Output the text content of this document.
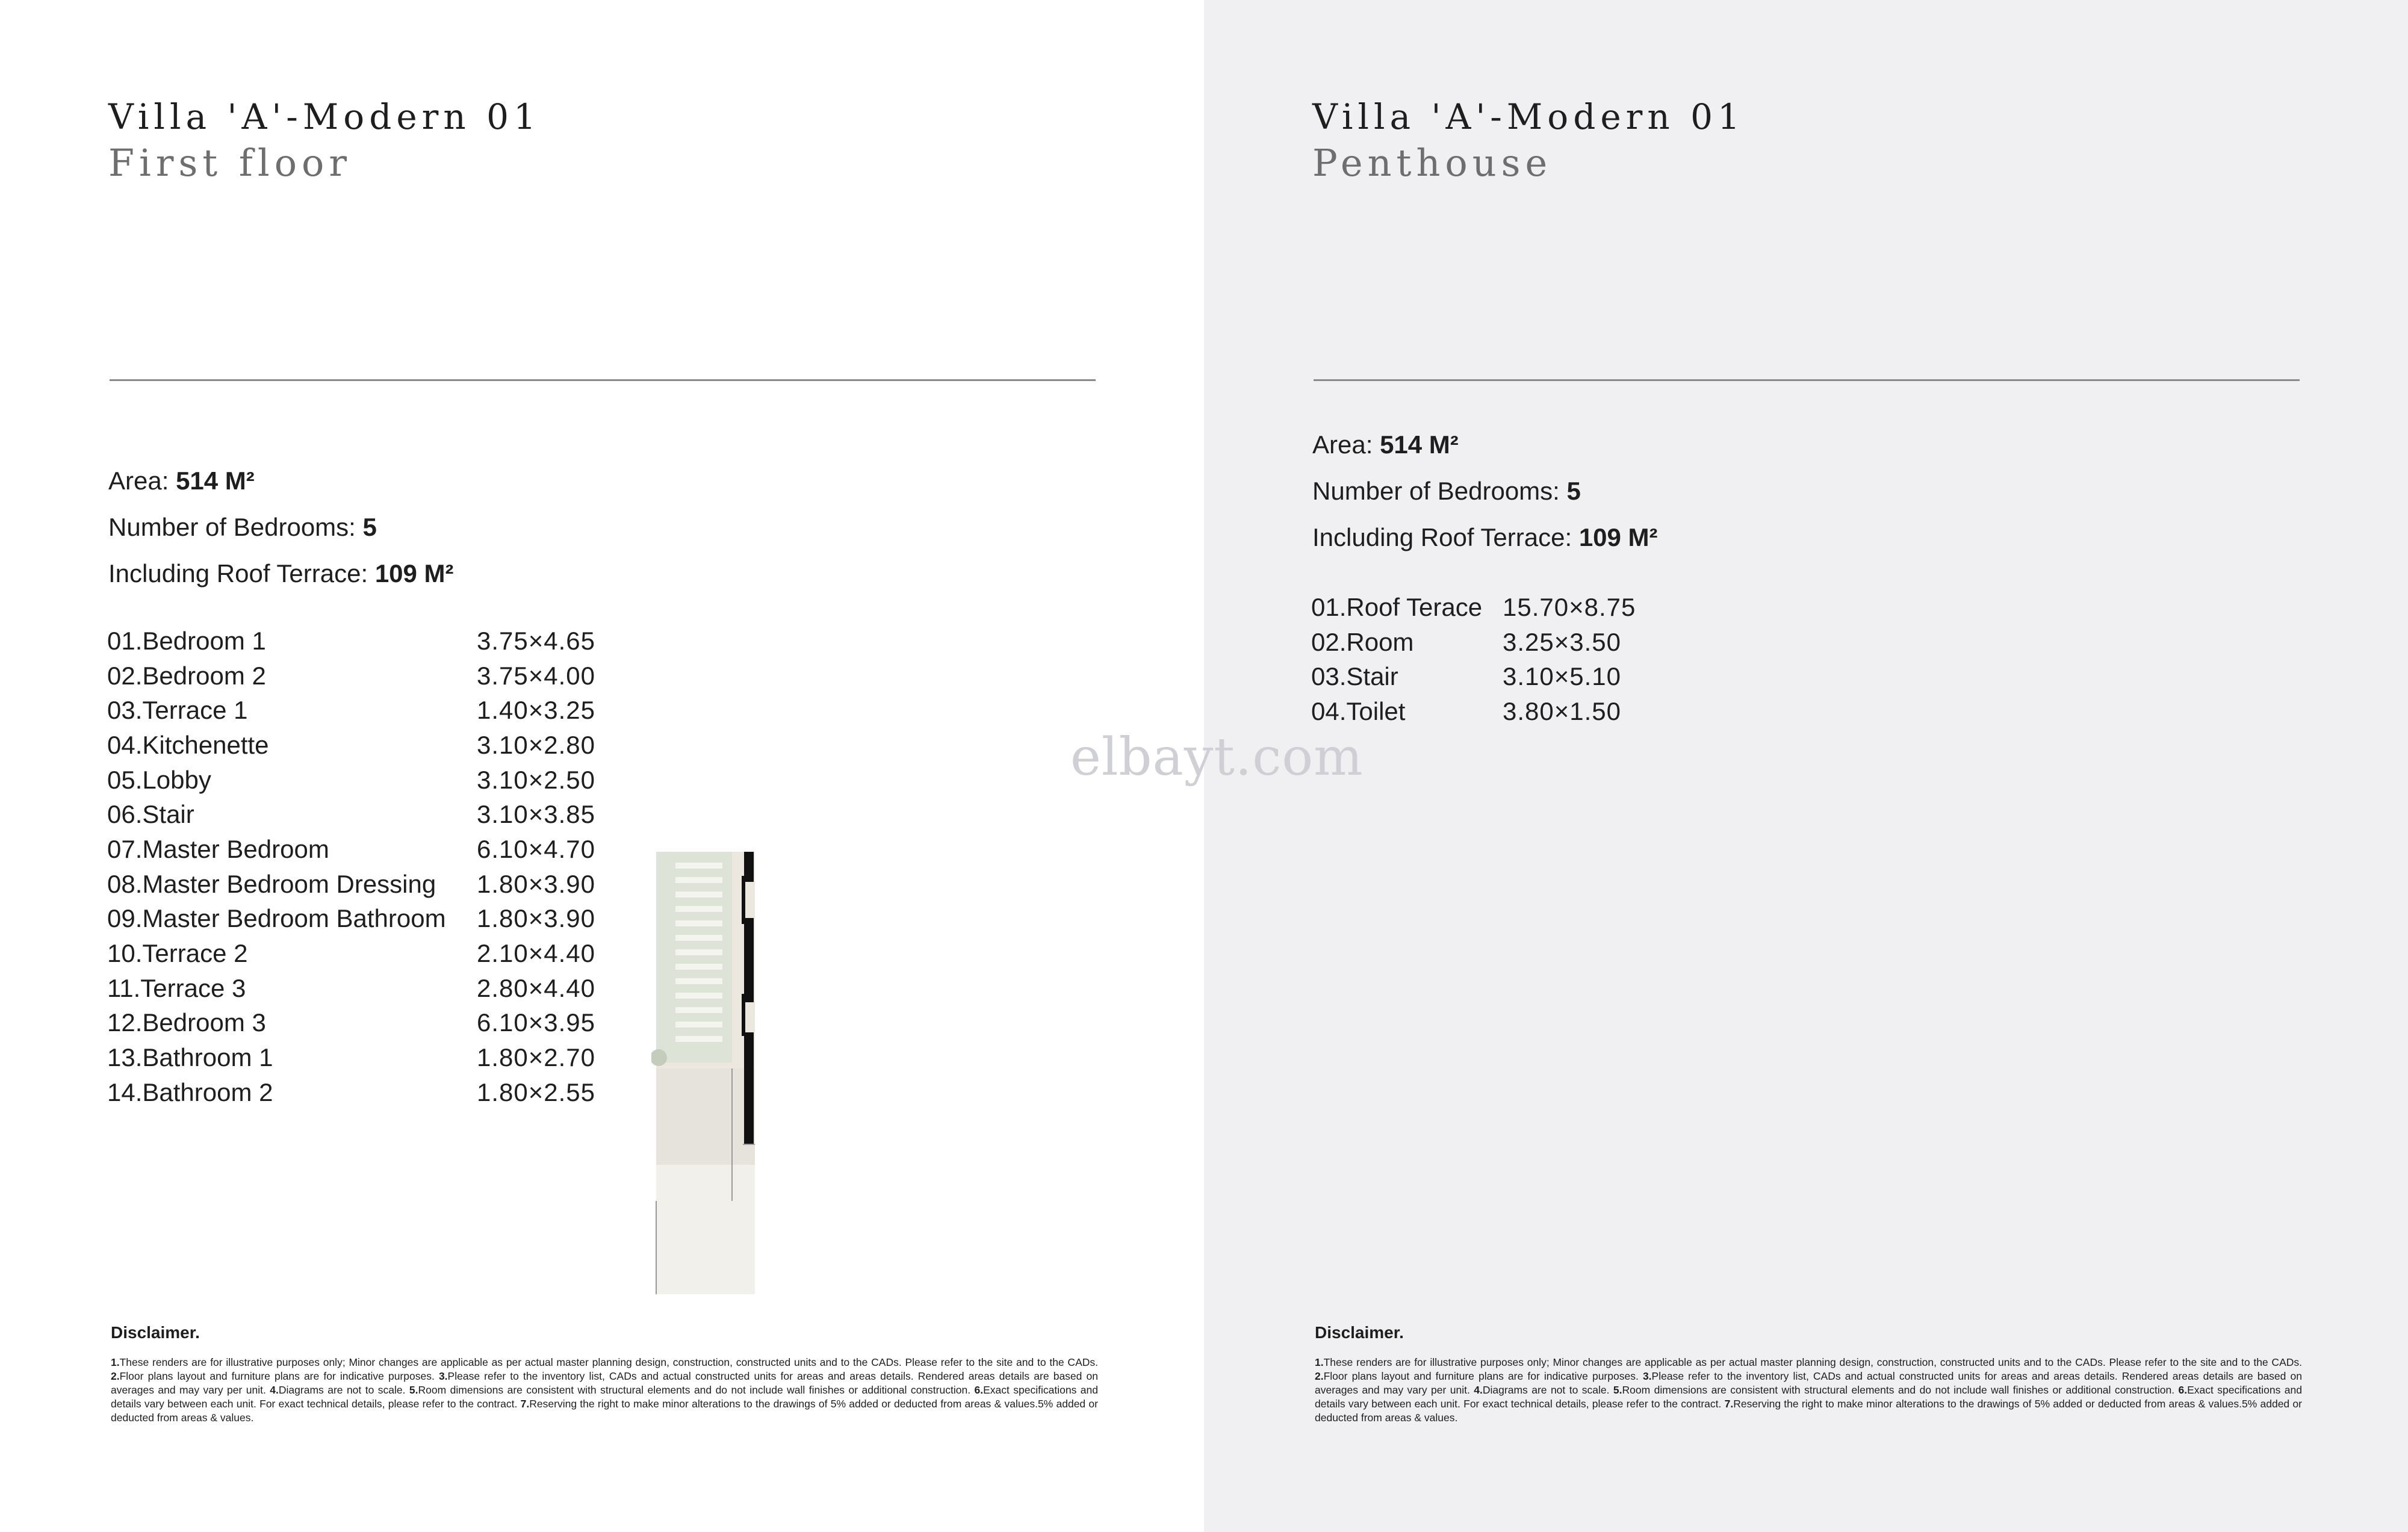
Villa 'A'-Modern 01
First floor
Area: 514 M²
Number of Bedrooms: 5
Including Roof Terrace: 109 M²
01.Bedroom 1	3.75×4.65
02.Bedroom 2	3.75×4.00
03.Terrace 1	1.40×3.25
04.Kitchenette	3.10×2.80
05.Lobby	3.10×2.50
06.Stair	3.10×3.85
07.Master Bedroom	6.10×4.70
08.Master Bedroom Dressing	1.80×3.90
09.Master Bedroom Bathroom	1.80×3.90
10.Terrace 2	2.10×4.40
11.Terrace 3	2.80×4.40
12.Bedroom 3	6.10×3.95
13.Bathroom 1	1.80×2.70
14.Bathroom 2	1.80×2.55

Disclaimer.

1.These renders are for illustrative purposes only; Minor changes are applicable as per actual master planning design, construction, constructed units and to the CADs. Please refer to the site and to the CADs. 2.Floor plans layout and furniture plans are for indicative purposes. 3.Please refer to the inventory list, CADs and actual constructed units for areas and areas details. Rendered areas details are based on averages and may vary per unit. 4.Diagrams are not to scale. 5.Room dimensions are consistent with structural elements and do not include wall finishes or additional construction. 6.Exact specifications and details vary between each unit. For exact technical details, please refer to the contract. 7.Reserving the right to make minor alterations to the drawings of 5% added or deducted from areas & values.5% added or deducted from areas & values.

Villa 'A'-Modern 01
Penthouse
Area: 514 M²
Number of Bedrooms: 5
Including Roof Terrace: 109 M²
01.Roof Terace	15.70×8.75
02.Room	3.25×3.50
03.Stair	3.10×5.10
04.Toilet	3.80×1.50

Disclaimer.

1.These renders are for illustrative purposes only; Minor changes are applicable as per actual master planning design, construction, constructed units and to the CADs. Please refer to the site and to the CADs. 2.Floor plans layout and furniture plans are for indicative purposes. 3.Please refer to the inventory list, CADs and actual constructed units for areas and areas details. Rendered areas details are based on averages and may vary per unit. 4.Diagrams are not to scale. 5.Room dimensions are consistent with structural elements and do not include wall finishes or additional construction. 6.Exact specifications and details vary between each unit. For exact technical details, please refer to the contract. 7.Reserving the right to make minor alterations to the drawings of 5% added or deducted from areas & values.5% added or deducted from areas & values.

elbayt.com
